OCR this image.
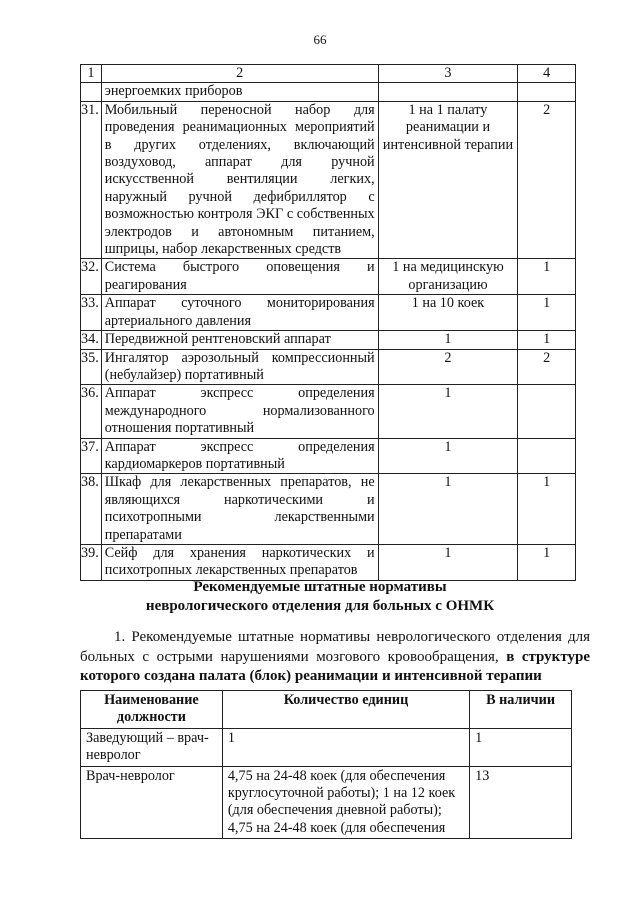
66
1	2	3	4
	энергоемких приборов		
31.	Мобильный переносной набор для проведения реанимационных мероприятий в других отделениях, включающий воздуховод, аппарат для ручной искусственной вентиляции легких, наружный ручной дефибриллятор с возможностью контроля ЭКГ с собственных электродов и автономным питанием, шприцы, набор лекарственных средств	1 на 1 палату реанимации и интенсивной терапии	2
32.	Система быстрого оповещения и реагирования	1 на медицинскую организацию	1
33.	Аппарат суточного мониторирования артериального давления	1 на 10 коек	1
34.	Передвижной рентгеновский аппарат	1	1
35.	Ингалятор аэрозольный компрессионный (небулайзер) портативный	2	2
36.	Аппарат экспресс определения международного нормализованного отношения портативный	1	
37.	Аппарат экспресс определения кардиомаркеров портативный	1	
38.	Шкаф для лекарственных препаратов, не являющихся наркотическими и психотропными лекарственными препаратами	1	1
39.	Сейф для хранения наркотических и психотропных лекарственных препаратов	1	1
Рекомендуемые штатные нормативы
неврологического отделения для больных с ОНМК

1. Рекомендуемые штатные нормативы неврологического отделения для больных с острыми нарушениями мозгового кровообращения, в структуре которого создана палата (блок) реанимации и интенсивной терапии

Наименование должности	Количество единиц	В наличии
Заведующий – врач-невролог	1	1
Врач-невролог	4,75 на 24-48 коек (для обеспечения круглосуточной работы); 1 на 12 коек (для обеспечения дневной работы); 4,75 на 24-48 коек (для обеспечения	13
